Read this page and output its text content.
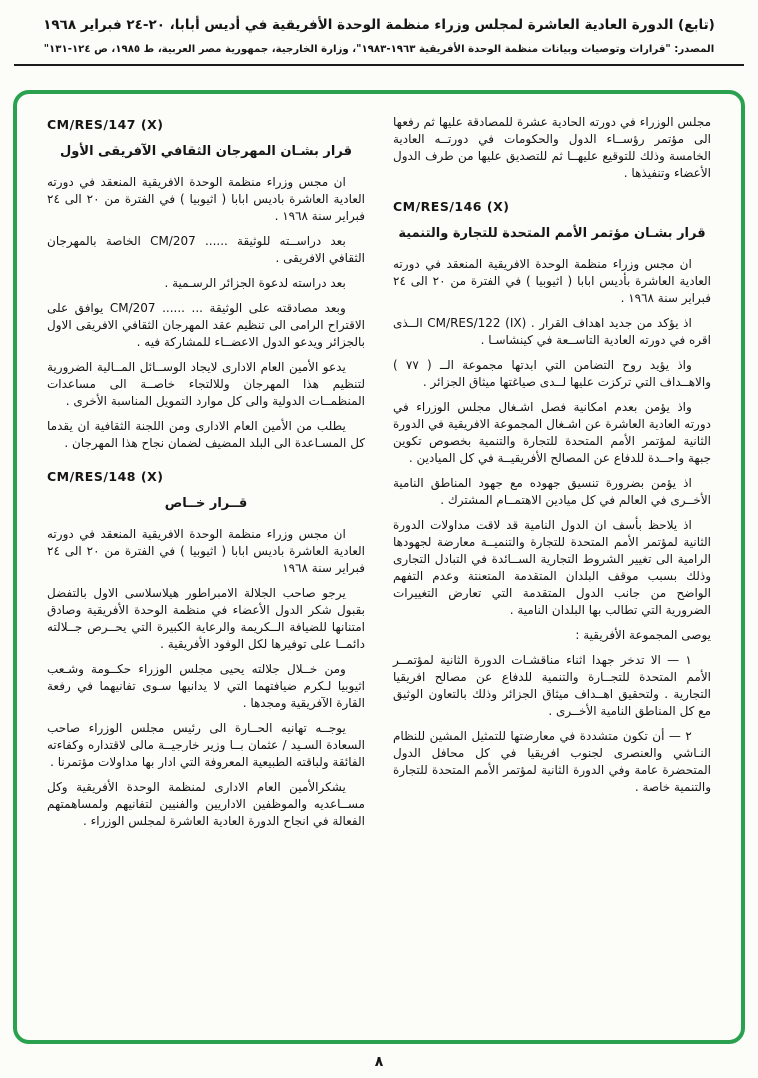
(تابع) الدورة العادية العاشرة لمجلس وزراء منظمة الوحدة الأفريقية في أديس أبابا، ٢٠-٢٤ فبراير ١٩٦٨
المصدر: "قرارات وتوصيات وبيانات منظمة الوحدة الأفريقية ١٩٦٣-١٩٨٣"، وزارة الخارجية، جمهورية مصر العربية، ط ١٩٨٥، ص ١٢٤-١٣١"

مجلس الوزراء في دورته الحادية عشرة للمصادقة عليها ثم رفعها الى مؤتمر رؤســاء الدول والحكومات في دورتــه العادية الخامسة وذلك للتوقيع عليهــا ثم للتصديق عليها من طرف الدول الأعضاء وتنفيذها .

CM/RES/146 (X)
قرار بشـان مؤتمر الأمم المتحدة للتجارة والتنمية

ان مجس وزراء منظمة الوحدة الافريقية المنعقد في دورته العادية العاشرة بأديس ابابا ( اثيوبيا ) في الفترة من ٢٠ الى ٢٤ فبراير سنة ١٩٦٨ .

اذ يؤكد من جديد اهداف القرار . CM/RES/122 (IX) الــذى اقره في دورته العادية التاســعة في كينشاسـا .

واذ يؤيد روح التضامن التي ابدتها مجموعة الــ ( ٧٧ ) والاهــداف التي تركزت عليها لــدى صياغتها ميثاق الجزائر .

واذ يؤمن بعدم امكانية فصل اشـغال مجلس الوزراء في دورته العادية العاشرة عن اشـغال المجموعة الافريقية في الدورة الثانية لمؤتمر الأمم المتحدة للتجارة والتنمية بخصوص تكوين جبهة واحــدة للدفاع عن المصالح الأفريقيــة في كل الميادين .

اذ يؤمن بضرورة تنسيق جهوده مع جهود المناطق النامية الأخــرى في العالم في كل ميادين الاهتمــام المشترك .

اذ يلاحظ بأسف ان الدول النامية قد لاقت مداولات الدورة الثانية لمؤتمر الأمم المتحدة للتجارة والتنميــة معارضة لجهودها الرامية الى تغيير الشروط التجارية الســائدة في التبادل التجارى وذلك بسبب موقف البلدان المتقدمة المتعنتة وعدم التفهم الواضح من جانب الدول المتقدمة التي تعارض التغييرات الضرورية التي تطالب بها البلدان النامية .

يوصى المجموعة الأفريقية :

١ — الا تدخر جهدا اثناء مناقشـات الدورة الثانية لمؤتمــر الأمم المتحدة للتجــارة والتنمية للدفاع عن مصالح افريقيا التجارية . ولتحقيق اهــداف ميثاق الجزائر وذلك بالتعاون الوثيق مع كل المناطق النامية الأخــرى .

٢ — أن تكون متشددة في معارضتها للتمثيل المشين للنظام النـاشي والعنصرى لجنوب افريقيا في كل محافل الدول المتحضرة عامة وفي الدورة الثانية لمؤتمر الأمم المتحدة للتجارة والتنمية خاصة .

CM/RES/147 (X)
قرار بشـان المهرجان الثقافي الآفريقى الأول

ان مجس وزراء منظمة الوحدة الافريقية المنعقد في دورته العادية العاشرة باديس ابابا ( اثيوبيا ) في الفترة من ٢٠ الى ٢٤ فبراير سنة ١٩٦٨ .

بعد دراســته للوثيقة ...... CM/207 الخاصة بالمهرجان الثقافي الافريقى .

بعد دراسته لدعوة الجزائر الرسـمية .

وبعد مصادقته على الوثيقة ... ...... CM/207 يوافق على الاقتراح الرامى الى تنظيم عقد المهرجان الثقافي الافريقى الاول بالجزائر ويدعو الدول الاعضــاء للمشاركة فيه .

يدعو الأمين العام الادارى لايجاد الوســائل المــالية الضرورية لتنظيم هذا المهرجان وللالتجاء خاصــة الى مساعدات المنظمــات الدولية والى كل موارد التمويل المناسبة الأخرى .

يطلب من الأمين العام الادارى ومن اللجنة الثقافية ان يقدما كل المسـاعدة الى البلد المضيف لضمان نجاح هذا المهرجان .

CM/RES/148 (X)
قــرار خــاص

ان مجس وزراء منظمة الوحدة الافريقية المنعقد في دورته العادية العاشرة باديس ابابا ( اثيوبيا ) في الفترة من ٢٠ الى ٢٤ فبراير سنة ١٩٦٨

يرجو صاحب الجلالة الامبراطور هيلاسلاسى الاول بالتفضل بقبول شكر الدول الأعضاء في منظمة الوحدة الأفريقية وصادق امتنانها للضيافة الــكريمة والرعاية الكبيرة التي يحــرص جــلالته دائمــا على توفيرها لكل الوفود الأفريقية .

ومن خــلال جلالته يحيى مجلس الوزراء حكــومة وشـعب اثيوبيا لـكرم ضيافتهما التي لا يدانيها سـوى تفانيهما في رفعة القارة الآفريقية ومجدها .

يوجــه تهانيه الحــارة الى رئيس مجلس الوزراء صاحب السعادة السـيد / عثمان بــا وزير خارجيــة مالى لاقتداره وكفاءته الفائقة ولباقته الطبيعية المعروفة التي ادار بها مداولات مؤتمرنا .

يشكرالأمين العام الادارى لمنظمة الوحدة الأفريقية وكل مســاعديه والموظفين الاداريين والفنيين لتفانيهم ولمساهمتهم الفعالة في انجاح الدورة العادية العاشرة لمجلس الوزراء .

٨
